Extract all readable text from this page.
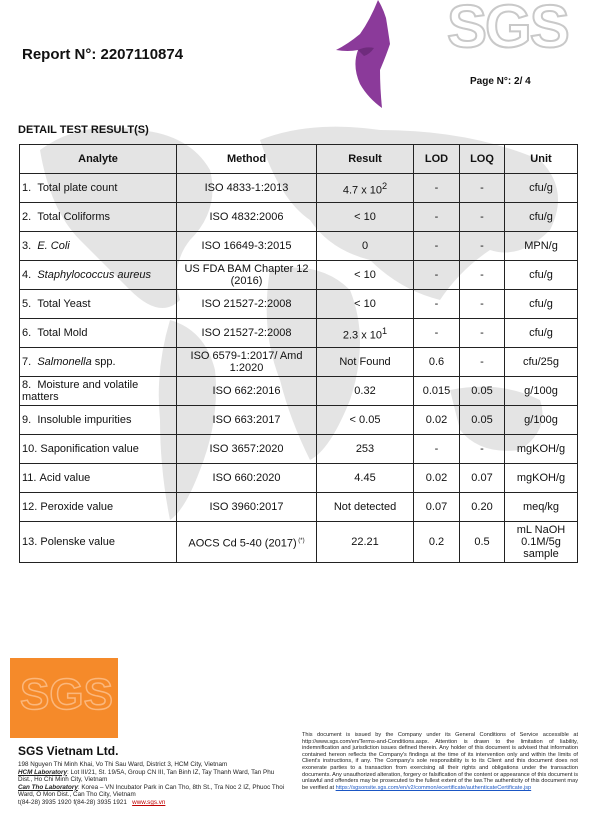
SGS
Report N°: 2207110874
Page N°: 2/ 4
DETAIL TEST RESULT(S)
Analyte	Method	Result	LOD	LOQ	Unit
1. Total plate count	ISO 4833-1:2013	4.7 x $10^2$	-	-	cfu/g
2. Total Coliforms	ISO 4832:2006	< 10	-	-	cfu/g
3. E. Coli	ISO 16649-3:2015	0	-	-	MPN/g
4. Staphylococcus aureus	US FDA BAM Chapter 12 (2016)	< 10	-	-	cfu/g
5. Total Yeast	ISO 21527-2:2008	< 10	-	-	cfu/g
6. Total Mold	ISO 21527-2:2008	2.3 x $10^1$	-	-	cfu/g
7. Salmonella spp.	ISO 6579-1:2017/ Amd 1:2020	Not Found	0.6	-	cfu/25g
8. Moisture and volatile matters	ISO 662:2016	0.32	0.015	0.05	g/100g
9. Insoluble impurities	ISO 663:2017	< 0.05	0.02	0.05	g/100g
10. Saponification value	ISO 3657:2020	253	-	-	mgKOH/g
11. Acid value	ISO 660:2020	4.45	0.02	0.07	mgKOH/g
12. Peroxide value	ISO 3960:2017	Not detected	0.07	0.20	meq/kg
13. Polenske value	AOCS Cd 5-40 (2017) (*)	22.21	0.2	0.5	mL NaOH 0.1M/5g sample
SGS
SGS Vietnam Ltd.
198 Nguyen Thi Minh Khai, Vo Thi Sau Ward, District 3, HCM City, Vietnam
HCM Laboratory: Lot III/21, St. 19/5A, Group CN III, Tan Binh IZ, Tay Thanh Ward, Tan Phu Dist., Ho Chi Minh City, Vietnam
Can Tho Laboratory: Korea – VN Incubator Park in Can Tho, 8th St., Tra Noc 2 IZ, Phuoc Thoi Ward, O Mon Dist., Can Tho City, Vietnam
t(84-28) 3935 1920 f(84-28) 3935 1921 www.sgs.vn
This document is issued by the Company under its General Conditions of Service accessible at http://www.sgs.com/en/Terms-and-Conditions.aspx. Attention is drawn to the limitation of liability, indemnification and jurisdiction issues defined therein. Any holder of this document is advised that information contained hereon reflects the Company's findings at the time of its intervention only and within the limits of Client's instructions, if any. The Company's sole responsibility is to its Client and this document does not exonerate parties to a transaction from exercising all their rights and obligations under the transaction documents. Any unauthorized alteration, forgery or falsification of the content or appearance of this document is unlawful and offenders may be prosecuted to the fullest extent of the law.The authenticity of this document may be verified at https://sgsonsite.sgs.com/en/v2/common/ecertificate/authenticateCertificate.jsp
